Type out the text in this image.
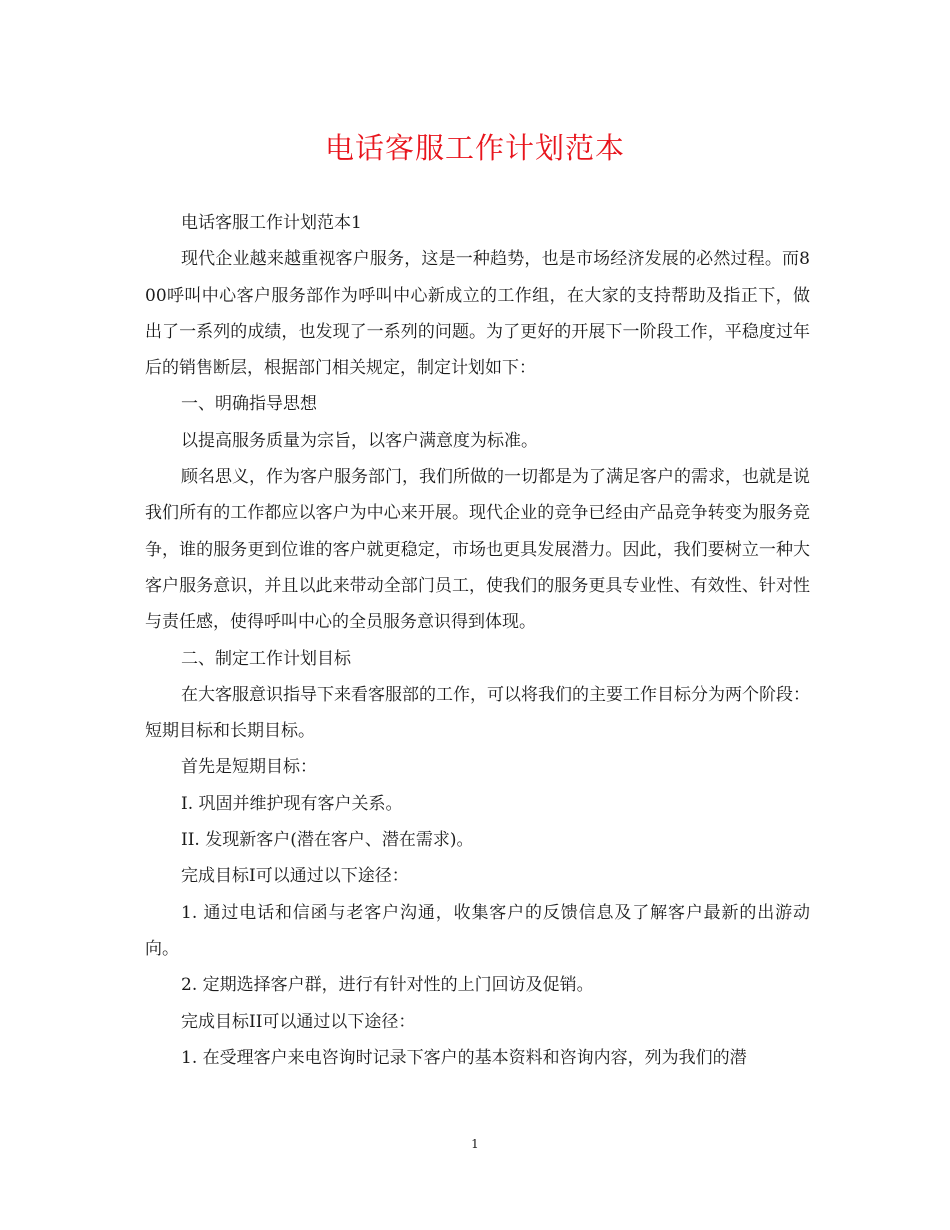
电话客服工作计划范本

电话客服工作计划范本1

现代企业越来越重视客户服务，这是一种趋势，也是市场经济发展的必然过程。而800呼叫中心客户服务部作为呼叫中心新成立的工作组，在大家的支持帮助及指正下，做出了一系列的成绩，也发现了一系列的问题。为了更好的开展下一阶段工作，平稳度过年后的销售断层，根据部门相关规定，制定计划如下：

一、明确指导思想

以提高服务质量为宗旨，以客户满意度为标准。

顾名思义，作为客户服务部门，我们所做的一切都是为了满足客户的需求，也就是说我们所有的工作都应以客户为中心来开展。现代企业的竞争已经由产品竞争转变为服务竞争，谁的服务更到位谁的客户就更稳定，市场也更具发展潜力。因此，我们要树立一种大客户服务意识，并且以此来带动全部门员工，使我们的服务更具专业性、有效性、针对性与责任感，使得呼叫中心的全员服务意识得到体现。

二、制定工作计划目标

在大客服意识指导下来看客服部的工作，可以将我们的主要工作目标分为两个阶段：短期目标和长期目标。

首先是短期目标：

I. 巩固并维护现有客户关系。

II. 发现新客户(潜在客户、潜在需求)。

完成目标I可以通过以下途径：

1. 通过电话和信函与老客户沟通，收集客户的反馈信息及了解客户最新的出游动向。

2. 定期选择客户群，进行有针对性的上门回访及促销。

完成目标II可以通过以下途径：

1. 在受理客户来电咨询时记录下客户的基本资料和咨询内容，列为我们的潜

1
